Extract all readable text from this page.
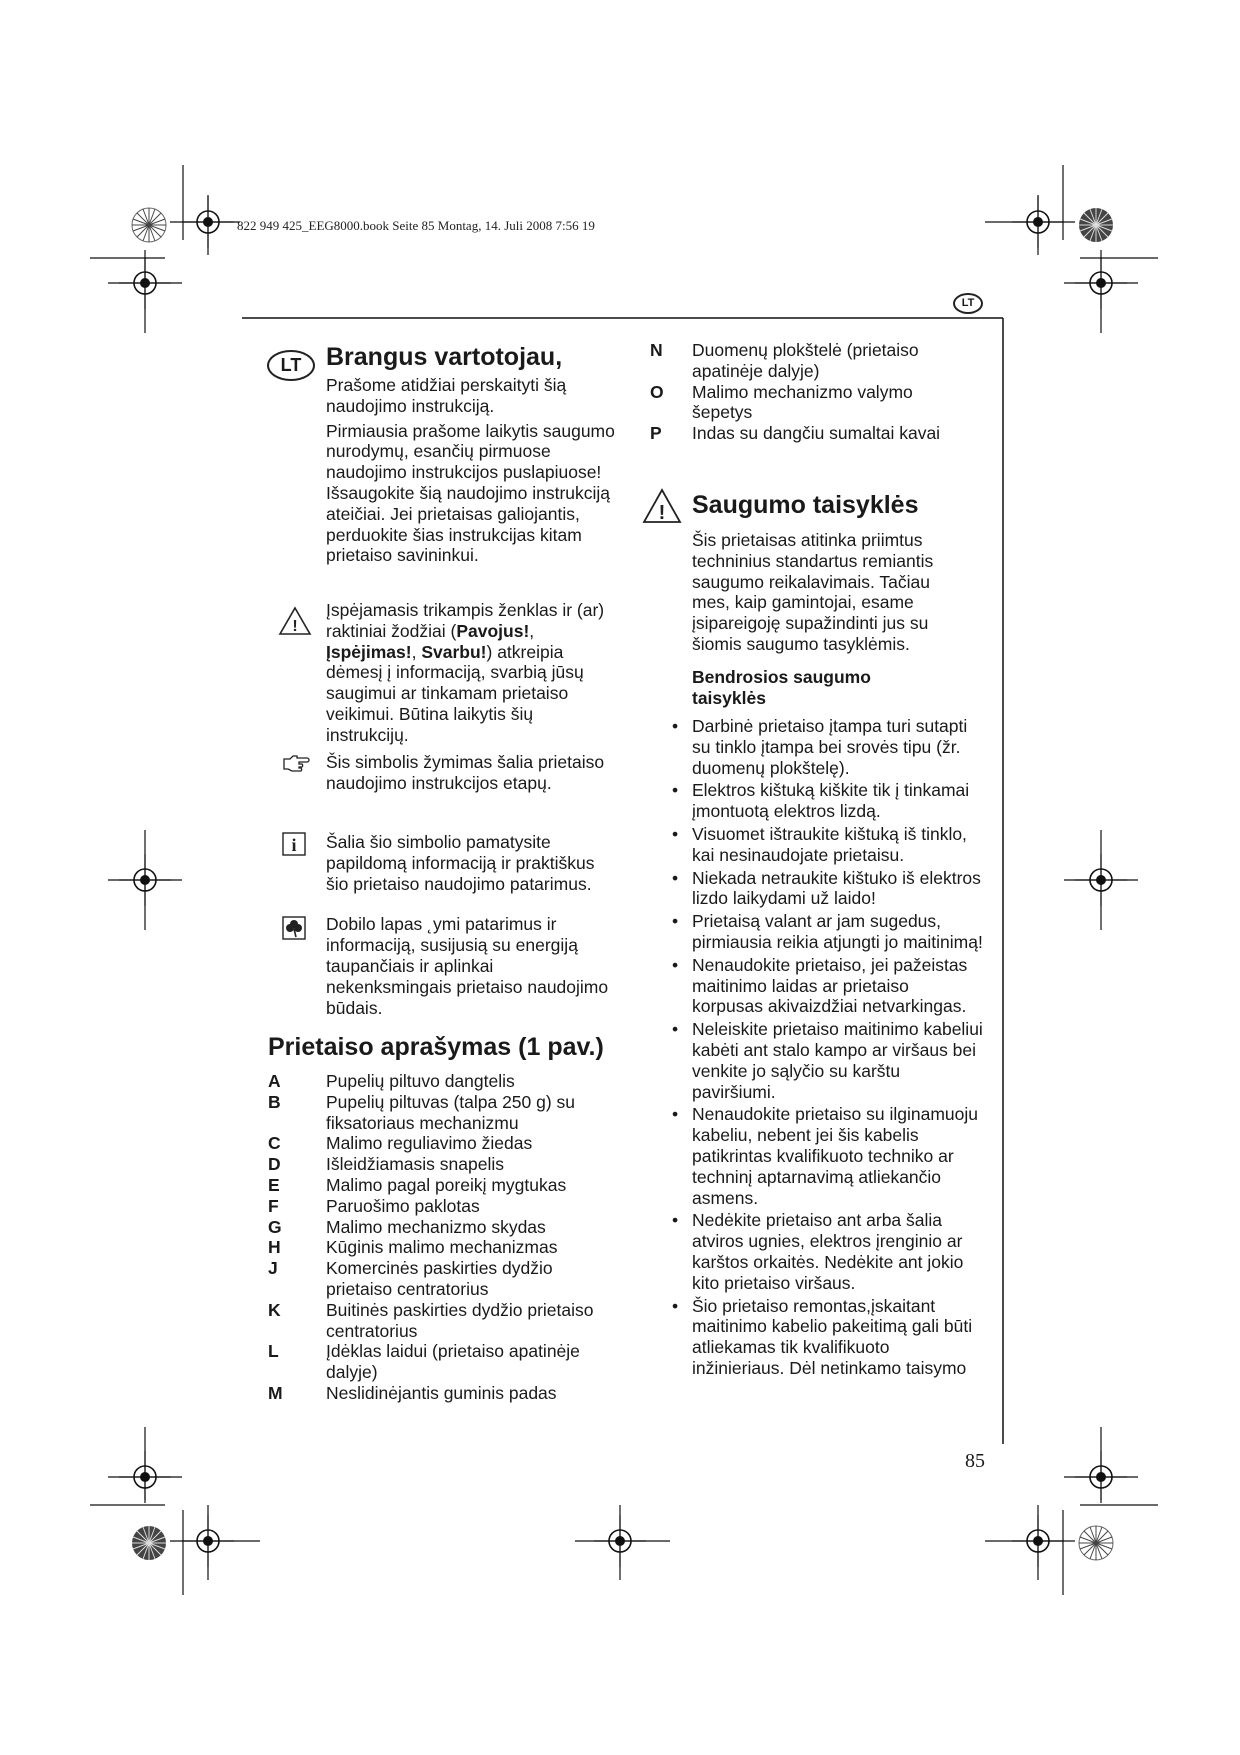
822 949 425_EEG8000.book Seite 85 Montag, 14. Juli 2008 7:56 19
LT
LT Brangus vartotojau,

Prašome atidžiai perskaityti šią naudojimo instrukciją.

Pirmiausia prašome laikytis saugumo nurodymų, esančių pirmuose naudojimo instrukcijos puslapiuose! Išsaugokite šią naudojimo instrukciją ateičiai. Jei prietaisas galiojantis, perduokite šias instrukcijas kitam prietaiso savininkui.

!
Įspėjamasis trikampis ženklas ir (ar) raktiniai žodžiai (Pavojus!, Įspėjimas!, Svarbu!) atkreipia dėmesį į informaciją, svarbią jūsų saugimui ar tinkamam prietaiso veikimui. Būtina laikytis šių instrukcijų.
Šis simbolis žymimas šalia prietaiso naudojimo instrukcijos etapų.
i Šalia šio simbolio pamatysite papildomą informaciją ir praktiškus šio prietaiso naudojimo patarimus.
Dobilo lapas ˛ymi patarimus ir informaciją, susijusią su energiją taupančiais ir aplinkai nekenksmingais prietaiso naudojimo būdais.
Prietaiso aprašymas (1 pav.)
A	Pupelių piltuvo dangtelis
B	Pupelių piltuvas (talpa 250 g) su fiksatoriaus mechanizmu
C	Malimo reguliavimo žiedas
D	Išleidžiamasis snapelis
E	Malimo pagal poreikį mygtukas
F	Paruošimo paklotas
G	Malimo mechanizmo skydas
H	Kūginis malimo mechanizmas
J	Komercinės paskirties dydžio prietaiso centratorius
K	Buitinės paskirties dydžio prietaiso centratorius
L	Įdėklas laidui (prietaiso apatinėje dalyje)
M	Neslidinėjantis guminis padas
N	Duomenų plokštelė (prietaiso apatinėje dalyje)
O	Malimo mechanizmo valymo šepetys
P	Indas su dangčiu sumaltai kavai
! Saugumo taisyklės
Šis prietaisas atitinka priimtus techninius standartus remiantis saugumo reikalavimais. Tačiau mes, kaip gamintojai, esame įsipareigoję supažindinti jus su šiomis saugumo tasyklėmis.
Bendrosios saugumo taisyklės
• Darbinė prietaiso įtampa turi sutapti su tinklo įtampa bei srovės tipu (žr. duomenų plokštelę).
• Elektros kištuką kiškite tik į tinkamai įmontuotą elektros lizdą.
• Visuomet ištraukite kištuką iš tinklo, kai nesinaudojate prietaisu.
• Niekada netraukite kištuko iš elektros lizdo laikydami už laido!
• Prietaisą valant ar jam sugedus, pirmiausia reikia atjungti jo maitinimą!
• Nenaudokite prietaiso, jei pažeistas maitinimo laidas ar prietaiso korpusas akivaizdžiai netvarkingas.
• Neleiskite prietaiso maitinimo kabeliui kabėti ant stalo kampo ar viršaus bei venkite jo sąlyčio su karštu paviršiumi.
• Nenaudokite prietaiso su ilginamuoju kabeliu, nebent jei šis kabelis patikrintas kvalifikuoto techniko ar techninį aptarnavimą atliekančio asmens.
• Nedėkite prietaiso ant arba šalia atviros ugnies, elektros įrenginio ar karštos orkaitės. Nedėkite ant jokio kito prietaiso viršaus.
• Šio prietaiso remontas,įskaitant maitinimo kabelio pakeitimą gali būti atliekamas tik kvalifikuoto inžinieriaus. Dėl netinkamo taisymo
85
